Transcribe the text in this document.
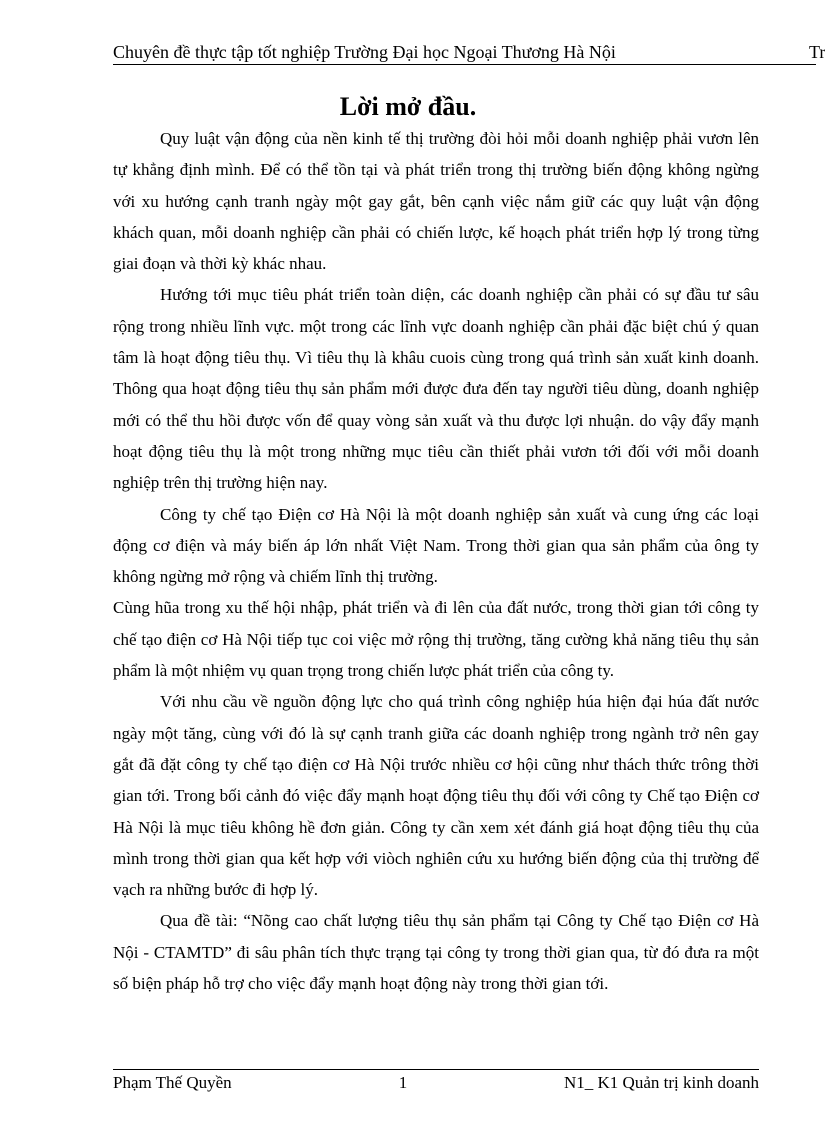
Chuyên đề thực tập tốt nghiệp Trường Đại học Ngoại Thương Hà Nội	Tr
Lời mở đầu.

Quy luật vận động của nền kinh tế thị trường đòi hỏi mỗi doanh nghiệp phải vươn lên tự khẳng định mình. Để có thể tồn tại và phát triển trong thị trường biến động không ngừng với xu hướng cạnh tranh ngày một gay gắt, bên cạnh việc nắm giữ các quy luật vận động khách quan, mỗi doanh nghiệp cần phải có chiến lược, kế hoạch phát triển hợp lý trong từng giai đoạn và thời kỳ khác nhau.

Hướng tới mục tiêu phát triển toàn diện, các doanh nghiệp cần phải có sự đầu tư sâu rộng trong nhiều lĩnh vực. một trong các lĩnh vực doanh nghiệp cần phải đặc biệt chú ý quan tâm là hoạt động tiêu thụ. Vì tiêu thụ là khâu cuois cùng trong quá trình sản xuất kinh doanh. Thông qua hoạt động tiêu thụ sản phẩm mới được đưa đến tay người tiêu dùng, doanh nghiệp mới có thể thu hồi được vốn để quay vòng sản xuất và thu được lợi nhuận. do vậy đẩy mạnh hoạt động tiêu thụ là một trong những mục tiêu cần thiết phải vươn tới đối với mỗi doanh nghiệp trên thị trường hiện nay.

Công ty chế tạo Điện cơ Hà Nội là một doanh nghiệp sản xuất và cung ứng các loại động cơ điện và máy biến áp lớn nhất Việt Nam. Trong thời gian qua sản phẩm của ông ty không ngừng mở rộng và chiếm lĩnh thị trường.

Cùng hũa trong xu thế hội nhập, phát triển và đi lên của đất nước, trong thời gian tới công ty chế tạo điện cơ Hà Nội tiếp tục coi việc mở rộng thị trường, tăng cường khả năng tiêu thụ sản phẩm là một nhiệm vụ quan trọng trong chiến lược phát triển của công ty.

Với nhu cầu về nguồn động lực cho quá trình công nghiệp húa hiện đại húa đất nước ngày một tăng, cùng với đó là sự cạnh tranh giữa các doanh nghiệp trong ngành trở nên gay gắt đã đặt công ty chế tạo điện cơ Hà Nội trước nhiều cơ hội cũng như thách thức trông thời gian tới. Trong bối cảnh đó việc đẩy mạnh hoạt động tiêu thụ đối với công ty Chế tạo Điện cơ Hà Nội là mục tiêu không hề đơn giản. Công ty cần xem xét đánh giá hoạt động tiêu thụ của mình trong thời gian qua kết hợp với viòch nghiên cứu xu hướng biến động của thị trường để vạch ra những bước đi hợp lý.

Qua đề tài: “Nõng cao chất lượng tiêu thụ sản phẩm tại Công ty Chế tạo Điện cơ Hà Nội - CTAMTD” đi sâu phân tích thực trạng tại công ty trong thời gian qua, từ đó đưa ra một số biện pháp hỗ trợ cho việc đẩy mạnh hoạt động này trong thời gian tới.

Phạm Thế Quyền	1	N1_ K1 Quản trị kinh doanh
